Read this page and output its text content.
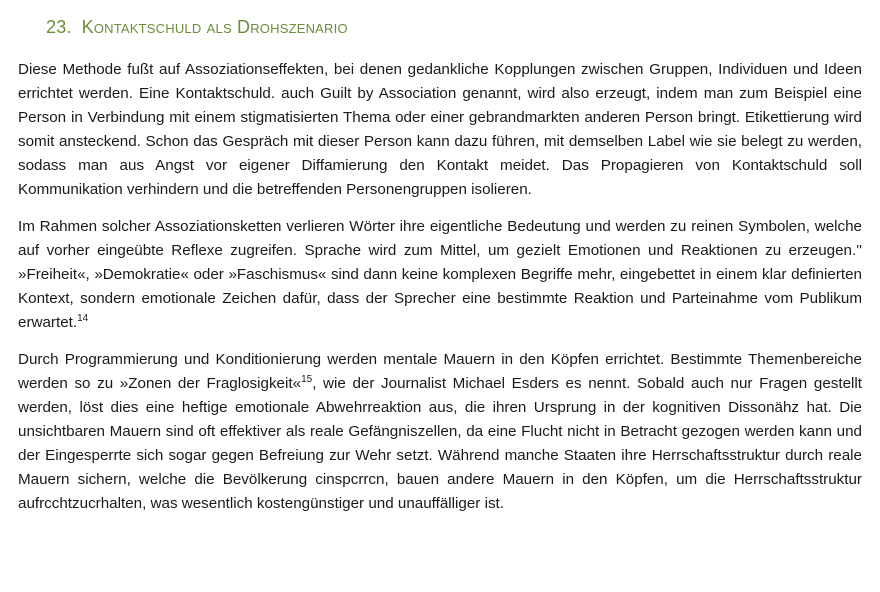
23. Kontaktschuld als Drohszenario

Diese Methode fußt auf Assoziationseffekten, bei denen gedankliche Kopplungen zwischen Gruppen, Individuen und Ideen errichtet werden. Eine Kontaktschuld. auch Guilt by Association genannt, wird also erzeugt, indem man zum Beispiel eine Person in Verbindung mit einem stigmatisierten Thema oder einer gebrandmarkten anderen Person bringt. Etikettierung wird somit ansteckend. Schon das Gespräch mit dieser Person kann dazu führen, mit demselben Label wie sie belegt zu werden, sodass man aus Angst vor eigener Diffamierung den Kontakt meidet. Das Propagieren von Kontaktschuld soll Kommunikation verhindern und die betreffenden Personengruppen isolieren.

Im Rahmen solcher Assoziationsketten verlieren Wörter ihre eigentliche Bedeutung und werden zu reinen Symbolen, welche auf vorher eingeübte Reflexe zugreifen. Sprache wird zum Mittel, um gezielt Emotionen und Reaktionen zu erzeugen.'' »Freiheit«, »Demokratie« oder »Faschismus« sind dann keine komplexen Begriffe mehr, eingebettet in einem klar definierten Kontext, sondern emotionale Zeichen dafür, dass der Sprecher eine bestimmte Reaktion und Parteinahme vom Publikum erwartet.$^{14}$

Durch Programmierung und Konditionierung werden mentale Mauern in den Köpfen errichtet. Bestimmte Themenbereiche werden so zu »Zonen der Fraglosigkeit«$^{15}$, wie der Journalist Michael Esders es nennt. Sobald auch nur Fragen gestellt werden, löst dies eine heftige emotionale Abwehrreaktion aus, die ihren Ursprung in der kognitiven Dissonähz hat. Die unsichtbaren Mauern sind oft effektiver als reale Gefängniszellen, da eine Flucht nicht in Betracht gezogen werden kann und der Eingesperrte sich sogar gegen Befreiung zur Wehr setzt. Während manche Staaten ihre Herrschaftsstruktur durch reale Mauern sichern, welche die Bevölkerung cinspcrrcn, bauen andere Mauern in den Köpfen, um die Herrschaftsstruktur aufrcchtzucrhalten, was wesentlich kostengünstiger und unauffälliger ist.
